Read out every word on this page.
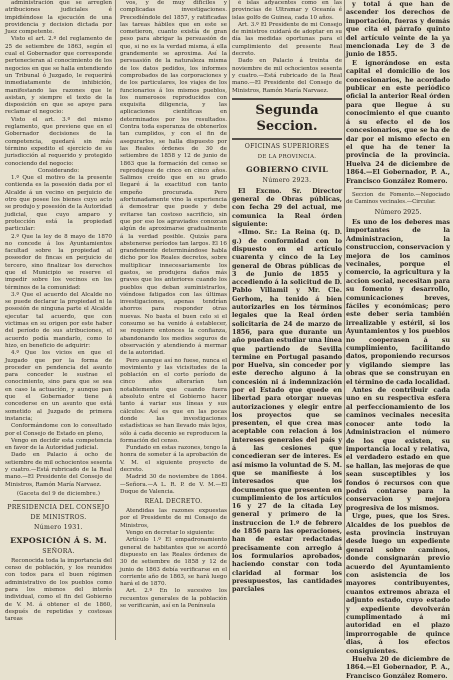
administración que se arreglen atribuciones judiciales é impidiéndose la ejecución de una providencia y decision dictada por Juez competente.

Visto el art. 2.º del reglamento de 25 de setiembre de 1863, según el cual el Gobernador que corresponde pertenecieran al conocimiento de los negocios en que se halla entendiendo un Tribunal ó Juzgado, le requerirá inmediatamente de inhibición, manifestando las razones que le asistan, y siempre el texto de la disposición en que se apoye para reclamar el negocio:

Visto el art. 3.º del mismo reglamento, que previene que en el Gobernador decisiones de la competencia, quedará sin más término expedito el ejercicio de su jurisdicción al requerido y protegido conociendo del negocio:

Considerando:

1.º Que el motivo de la presente contienda es la posesión dada por el Alcalde á un vecino en perjuicio de otro que posee los bienes cuyo acto se produjo y posesión de la Autoridad judicial, que cuyo amparo y protección está la propiedad particular:

2.º Que la ley de 8 mayo de 1870 no concede á los Ayuntamientos facultad sobre la propiedad al poseedor de fincas en perjuicio de tercero, sino finalizar los derechos que el Municipio se reserve el impedir sobre los vecinos en los términos de la comunidad:

3.º Que el acuerdo del Alcalde no se puede declarar la propiedad ni la posesión de ninguna parte el Alcalde ejecutar tal acuerdo, que con victimas en su origen por este haber del período de sus atribuciones, el acuerdo podía mandarlo, como lo hizo, en beneficio de adquirir:

4.º Que los vicios en que el Juzgado que por la forma de proceder en pendencia del asunto para conceder le sustrae el conocimiento, sino para que se sea en caso la actuación, y aunque pan que el Gobernador tiene á concederse en un asunto que está sometido al Juzgado de primera instancia;

Conformándome con lo consultado por el Consejo de Estado en pleno,

Vengo en decidir esta competencia en favor de la Autoridad judicial.

Dado en Palacio á ocho de setiembre de mil ochocientos sesenta y cuatro.—Está rubricado de la Real mano.—El Presidente del Consejo de Ministros, Ramón María Narvaez.

(Gaceta del 9 de diciembre.)
PRESIDENCIA DEL CONSEJO
DE MINISTROS.
Número 1931.
EXPOSICIÓN Á S. M.
SEÑORA.

Reconocida toda la importancia del censo de población, y los reunidos con todos para el buen régimen administrativo de los pueblos como para los mismos del interés individual, como el fin del Gobierno de V. M. á obtener el de 1860, después de repetidas y costosas tareas

vos, y de muy difíciles y complicadas investigaciones. Precediéndole del 1857, y ratificadas las tareas hábiles que en este se cometieron, cuanto existía de gran peso para abrigar la persuasión de que, si no es la verdad misma, á ella grandemente se aproxima. Así la persuasión de la naturaleza misma de los datos pedidos, los informes comprobados de las corporaciones y de los particulares, los viajes de los funcionarios á los mismos pueblos, los numerosos reproducidos con exquisita diligencia, y las aplicaciones científicas en determinados por los resultados. Contra toda esperanza de obtenerlos tan cumplidos, y con el fin de asegurarlos, se halla dispuesto por las Reales órdenes de 30 de setiembre de 1858 y 12 de junio de 1863 que la formación del censo se reprodujese de cinco en cinco años. Salimos creído que en su grado llegaré á la exactitud con tanto empeño procurada. Pero afortunadamente vino la experiencia á demostrar que puede y debe evitarse tan costoso sacrificio, sin que por eso los agraviados conozcan algún de aproximarse gradualmente á la verdad posible. Quizás para abstenerse períodos tan largos. El 16 grandemente determinándose habla dicho por los Reales decretos, sobre multiplicar innecesariamente los gastos, se produjera daños más graves que los anteriores cuando los pueblos que deban suministrarlos, viéndose fatigados con las últimas investigaciones, apenas tendrían ahorros para responder otras nuevas. No basta el buen celo si el consumo se ha venido á establecer, se requiere entonces la confianza, abandonando los medios seguros de observación y atendiendo á mermar de la autoridad.

Pero aunque así no fuese, nunca el movimiento y las vicisitudes de la población en el corto período de cinco años alterarían tan notablemente que cuando fuera absoluto entre el Gobierno hacer tanto á variar sus líneas y sus cálculos: Así es que en las pocas donde las investigaciones estadísticas se han llevado más lejos, sólo á cada decenio se reproducen la formación del censo.

Fundado en estas razones, tengo la honra de someter á la aprobación de V. M. el siguiente proyecto de decreto.

Madrid 30 de noviembre de 1864.—Señora.—A L. R. P. de V. M.—El Duque de Valencia.

REAL DECRETO.

Atendidas las razones expuestas por el Presidente de mi Consejo de Ministros,

Vengo en decretar lo siguiente:

Artículo 1.º El empadronamiento general de habitantes que se acordó dispuesto en las Reales órdenes de 30 de setiembre de 1858 y 12 de junio de 1863 debía verificarse en el corriente año de 1863, se hará luego hará el de 1870.

Art. 2.º En lo sucesivo los recuentos generales de la población se verificarán, así en la Península

é islas adyacentes como en las provincias de Ultramar y Oceanía é islas golfo de Guinea, cada 10 años.

Art. 3.º El Presidente de mi Consejo de ministros cuidará de adoptar en su día las medidas oportunas para el cumplimiento del presente Real decreto.

Dado en Palacio á treinta de noviembre de mil ochocientos sesenta y cuatro.—Está rubricado de la Real mano.—El Presidente del Consejo de Ministros, Ramón María Narvaez.

Segunda Seccion.
OFICINAS SUPERIORES
DE LA PROVINCIA.
GOBIERNO CIVIL
Número 2923.

El Excmo. Sr. Director general de Obras públicas, con fecha 29 del actual, me comunica la Real órden siguiente:

«Ilmo. Sr.: La Reina (q. D. g.) de conformidad con lo dispuesto en el artículo cuarenta y cinco de la Ley general de Obras públicas de 3 de Junio de 1855 y accediendo á la solicitud de D. Pablo Villamil y Mr. Cle. Gerhom, ha tenido á bien autorizarles en los términos legales que la Real órden solicitaria de 24 de marzo de 1856, para que durante un año puedan estudiar una línea que partiendo de Sevilla termine en Portugal pasando por Huelva, sin conceder por este derecho alguno á la concesión ni á indemnización por el Estado que quede en libertad para otorgar nuevas autorizaciones y elegir entre los proyectos que se presenten, el que crea mas aceptable con relacion á los intereses generales del país y á las cesiones que concedieran ser de interes. Es así mismo la voluntad de S. M. que se manifieste á los interesados que los documentos que presenten en cumplimiento de los artículos 16 y 27 de la citada Ley general y primero de la instruccion de 1.º de febrero de 1856 para las operaciones, han de estar redactadas precisamente con arreglo á los formularios aprobados, haciendo constar con toda claridad al formar los presupuestos, las cantidades parciales

y total á que han de ascender los derechos de importación, fueras y demás que cita el párrafo quinto del artículo veinte de la ya mencionada Ley de 3 de junio de 1855.

E ignorándose en esta capital el domicilio de los concesionarios, he acordado publicar en este periódico oficial la anterior Real órden para que llegue á su conocimiento el que cuanto á su efecto el de los concesionarios, que se ha de dar por el mismo efecto en el que ha de tener la provincia de la provincia. Huelva 24 de diciembre de 1864.—El Gobernador, P. A., Francisco González Romero.

Seccion de Fomento.—Negociado de Caminos vecinales.—Circular.

Número 2925.

Es uno de los deberes mas importantes de la Administracion, la construccion, conservacion y mejora de los caminos vecinales, porque el comercio, la agricultura y la accion social, necesitan para su fomento y desarrollo, comunicaciones breves, fáciles y económicas; pero este deber seria también irrealizable y estéril, si los Ayuntamientos y los pueblos no cooperasen á su cumplimiento, facilitando datos, proponiendo recursos y vigilando siempre las obras que se construyan en el término de cada localidad.

Antes de contribuir cada uno en su respectiva esfera al perfeccionamiento de los caminos vecinales necesita conocer ante todo la Administracion el número de los que existen, su importancia local y relativa, el verdadero estado en que se hallan, las mejoras de que sean susceptibles y los fondos ó recursos con que podrá contarse para la conservacion y mejora progresiva de los mismos.

Urge, pues, que los Sres. Alcaldes de los pueblos de esta provincia instruyan desde luego un expediente general sobre caminos, donde consignarán previo acuerdo del Ayuntamiento con asistencia de los mayores contribuyentes, cuantos extremos abraza el adjunto estado, cuyo estado y expediente devolverán cumplimentado á mi autoridad en el plazo improrrogable de quince dias, á los efectos consiguientes.

Huelva 20 de diciembre de 1864.—El Gobernador, P. A., Francisco González Romero.
